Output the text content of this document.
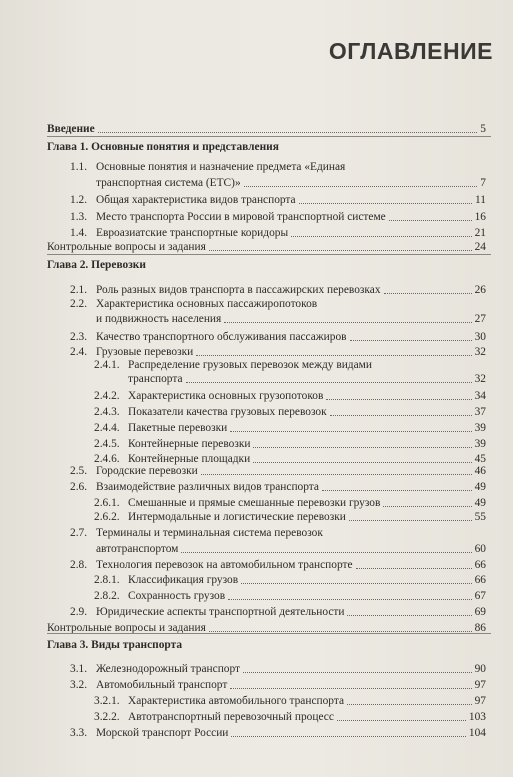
ОГЛАВЛЕНИЕ
Введение	5
Глава 1. Основные понятия и представления
1.1. Основные понятия и назначение предмета «Единая
транспортная система (ЕТС)»	7
1.2. Общая характеристика видов транспорта	11
1.3. Место транспорта России в мировой транспортной системе	16
1.4. Евроазиатские транспортные коридоры	21
Контрольные вопросы и задания	24
Глава 2. Перевозки
2.1. Роль разных видов транспорта в пассажирских перевозках	26
2.2. Характеристика основных пассажиропотоков
и подвижность населения	27
2.3. Качество транспортного обслуживания пассажиров	30
2.4. Грузовые перевозки	32
2.4.1. Распределение грузовых перевозок между видами
транспорта	32
2.4.2. Характеристика основных грузопотоков	34
2.4.3. Показатели качества грузовых перевозок	37
2.4.4. Пакетные перевозки	39
2.4.5. Контейнерные перевозки	39
2.4.6. Контейнерные площадки	45
2.5. Городские перевозки	46
2.6. Взаимодействие различных видов транспорта	49
2.6.1. Смешанные и прямые смешанные перевозки грузов	49
2.6.2. Интермодальные и логистические перевозки	55
2.7. Терминалы и терминальная система перевозок
автотранспортом	60
2.8. Технология перевозок на автомобильном транспорте	66
2.8.1. Классификация грузов	66
2.8.2. Сохранность грузов	67
2.9. Юридические аспекты транспортной деятельности	69
Контрольные вопросы и задания	86
Глава 3. Виды транспорта
3.1. Железнодорожный транспорт	90
3.2. Автомобильный транспорт	97
3.2.1. Характеристика автомобильного транспорта	97
3.2.2. Автотранспортный перевозочный процесс	103
3.3. Морской транспорт России	104
